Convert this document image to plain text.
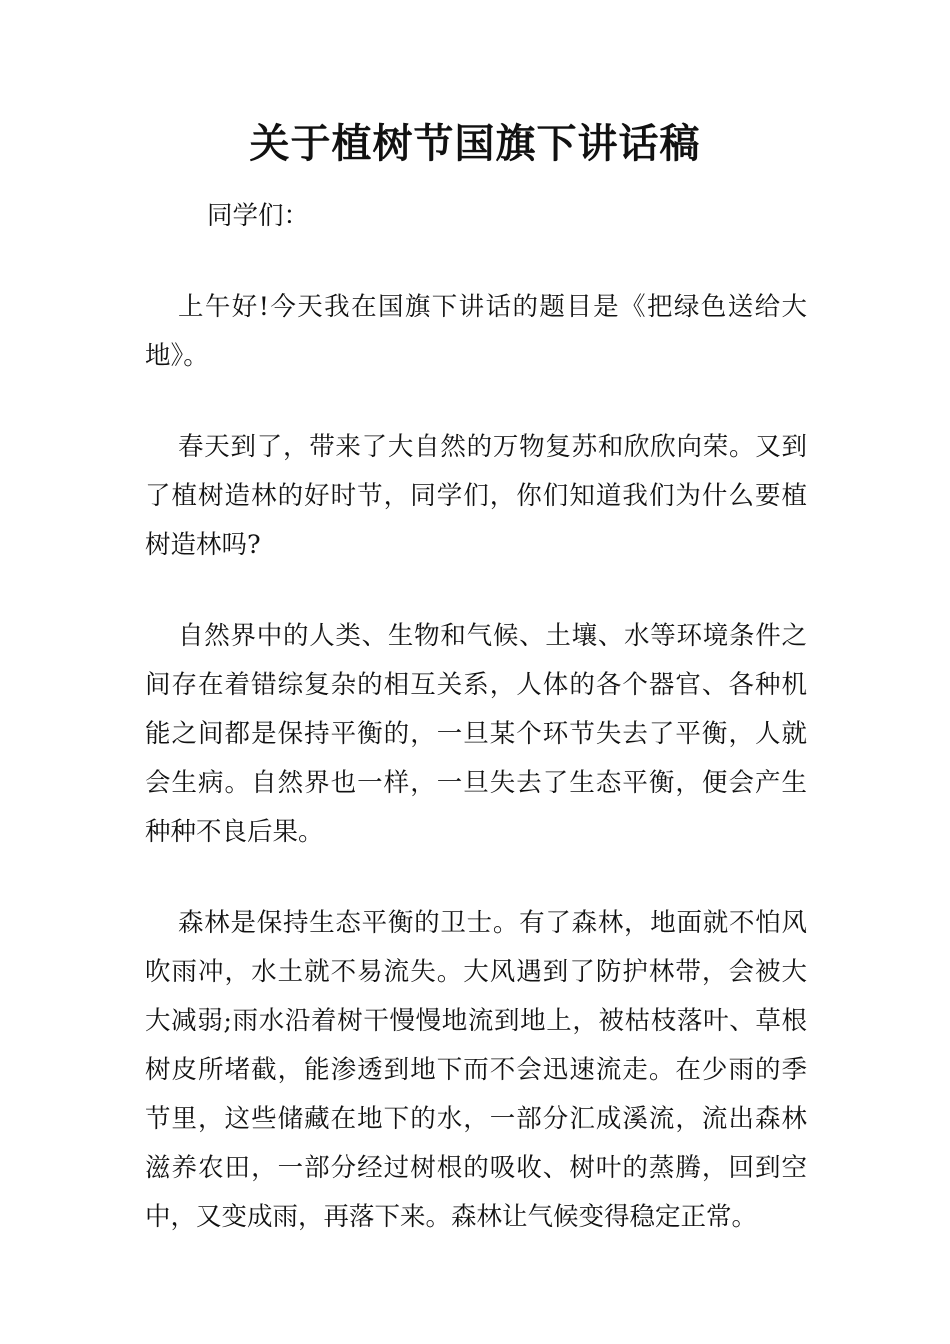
关于植树节国旗下讲话稿

同学们：

上午好!今天我在国旗下讲话的题目是《把绿色送给大地》。

春天到了，带来了大自然的万物复苏和欣欣向荣。又到了植树造林的好时节，同学们，你们知道我们为什么要植树造林吗?

自然界中的人类、生物和气候、土壤、水等环境条件之间存在着错综复杂的相互关系，人体的各个器官、各种机能之间都是保持平衡的，一旦某个环节失去了平衡，人就会生病。自然界也一样，一旦失去了生态平衡，便会产生种种不良后果。

森林是保持生态平衡的卫士。有了森林，地面就不怕风吹雨冲，水土就不易流失。大风遇到了防护林带，会被大大减弱;雨水沿着树干慢慢地流到地上，被枯枝落叶、草根树皮所堵截，能渗透到地下而不会迅速流走。在少雨的季节里，这些储藏在地下的水，一部分汇成溪流，流出森林滋养农田，一部分经过树根的吸收、树叶的蒸腾，回到空中，又变成雨，再落下来。森林让气候变得稳定正常。
